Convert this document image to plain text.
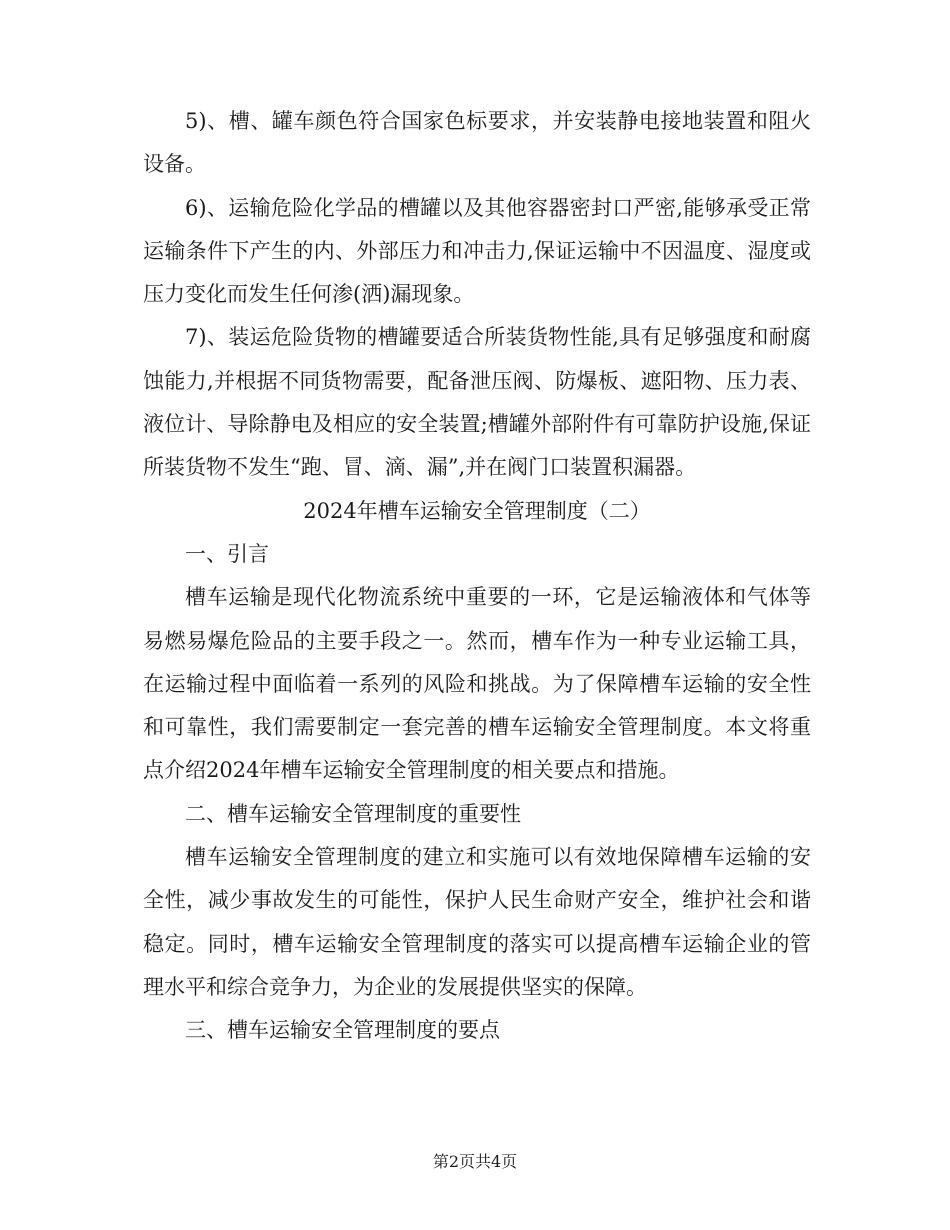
5)、槽、罐车颜色符合国家色标要求，并安装静电接地装置和阻火设备。

6)、运输危险化学品的槽罐以及其他容器密封口严密,能够承受正常运输条件下产生的内、外部压力和冲击力,保证运输中不因温度、湿度或压力变化而发生任何渗(洒)漏现象。

7)、装运危险货物的槽罐要适合所装货物性能,具有足够强度和耐腐蚀能力,并根据不同货物需要，配备泄压阀、防爆板、遮阳物、压力表、液位计、导除静电及相应的安全装置;槽罐外部附件有可靠防护设施,保证所装货物不发生“跑、冒、滴、漏”,并在阀门口装置积漏器。

2024年槽车运输安全管理制度（二）

一、引言

槽车运输是现代化物流系统中重要的一环，它是运输液体和气体等易燃易爆危险品的主要手段之一。然而，槽车作为一种专业运输工具，在运输过程中面临着一系列的风险和挑战。为了保障槽车运输的安全性和可靠性，我们需要制定一套完善的槽车运输安全管理制度。本文将重点介绍2024年槽车运输安全管理制度的相关要点和措施。

二、槽车运输安全管理制度的重要性

槽车运输安全管理制度的建立和实施可以有效地保障槽车运输的安全性，减少事故发生的可能性，保护人民生命财产安全，维护社会和谐稳定。同时，槽车运输安全管理制度的落实可以提高槽车运输企业的管理水平和综合竞争力，为企业的发展提供坚实的保障。

三、槽车运输安全管理制度的要点

第2页共4页
